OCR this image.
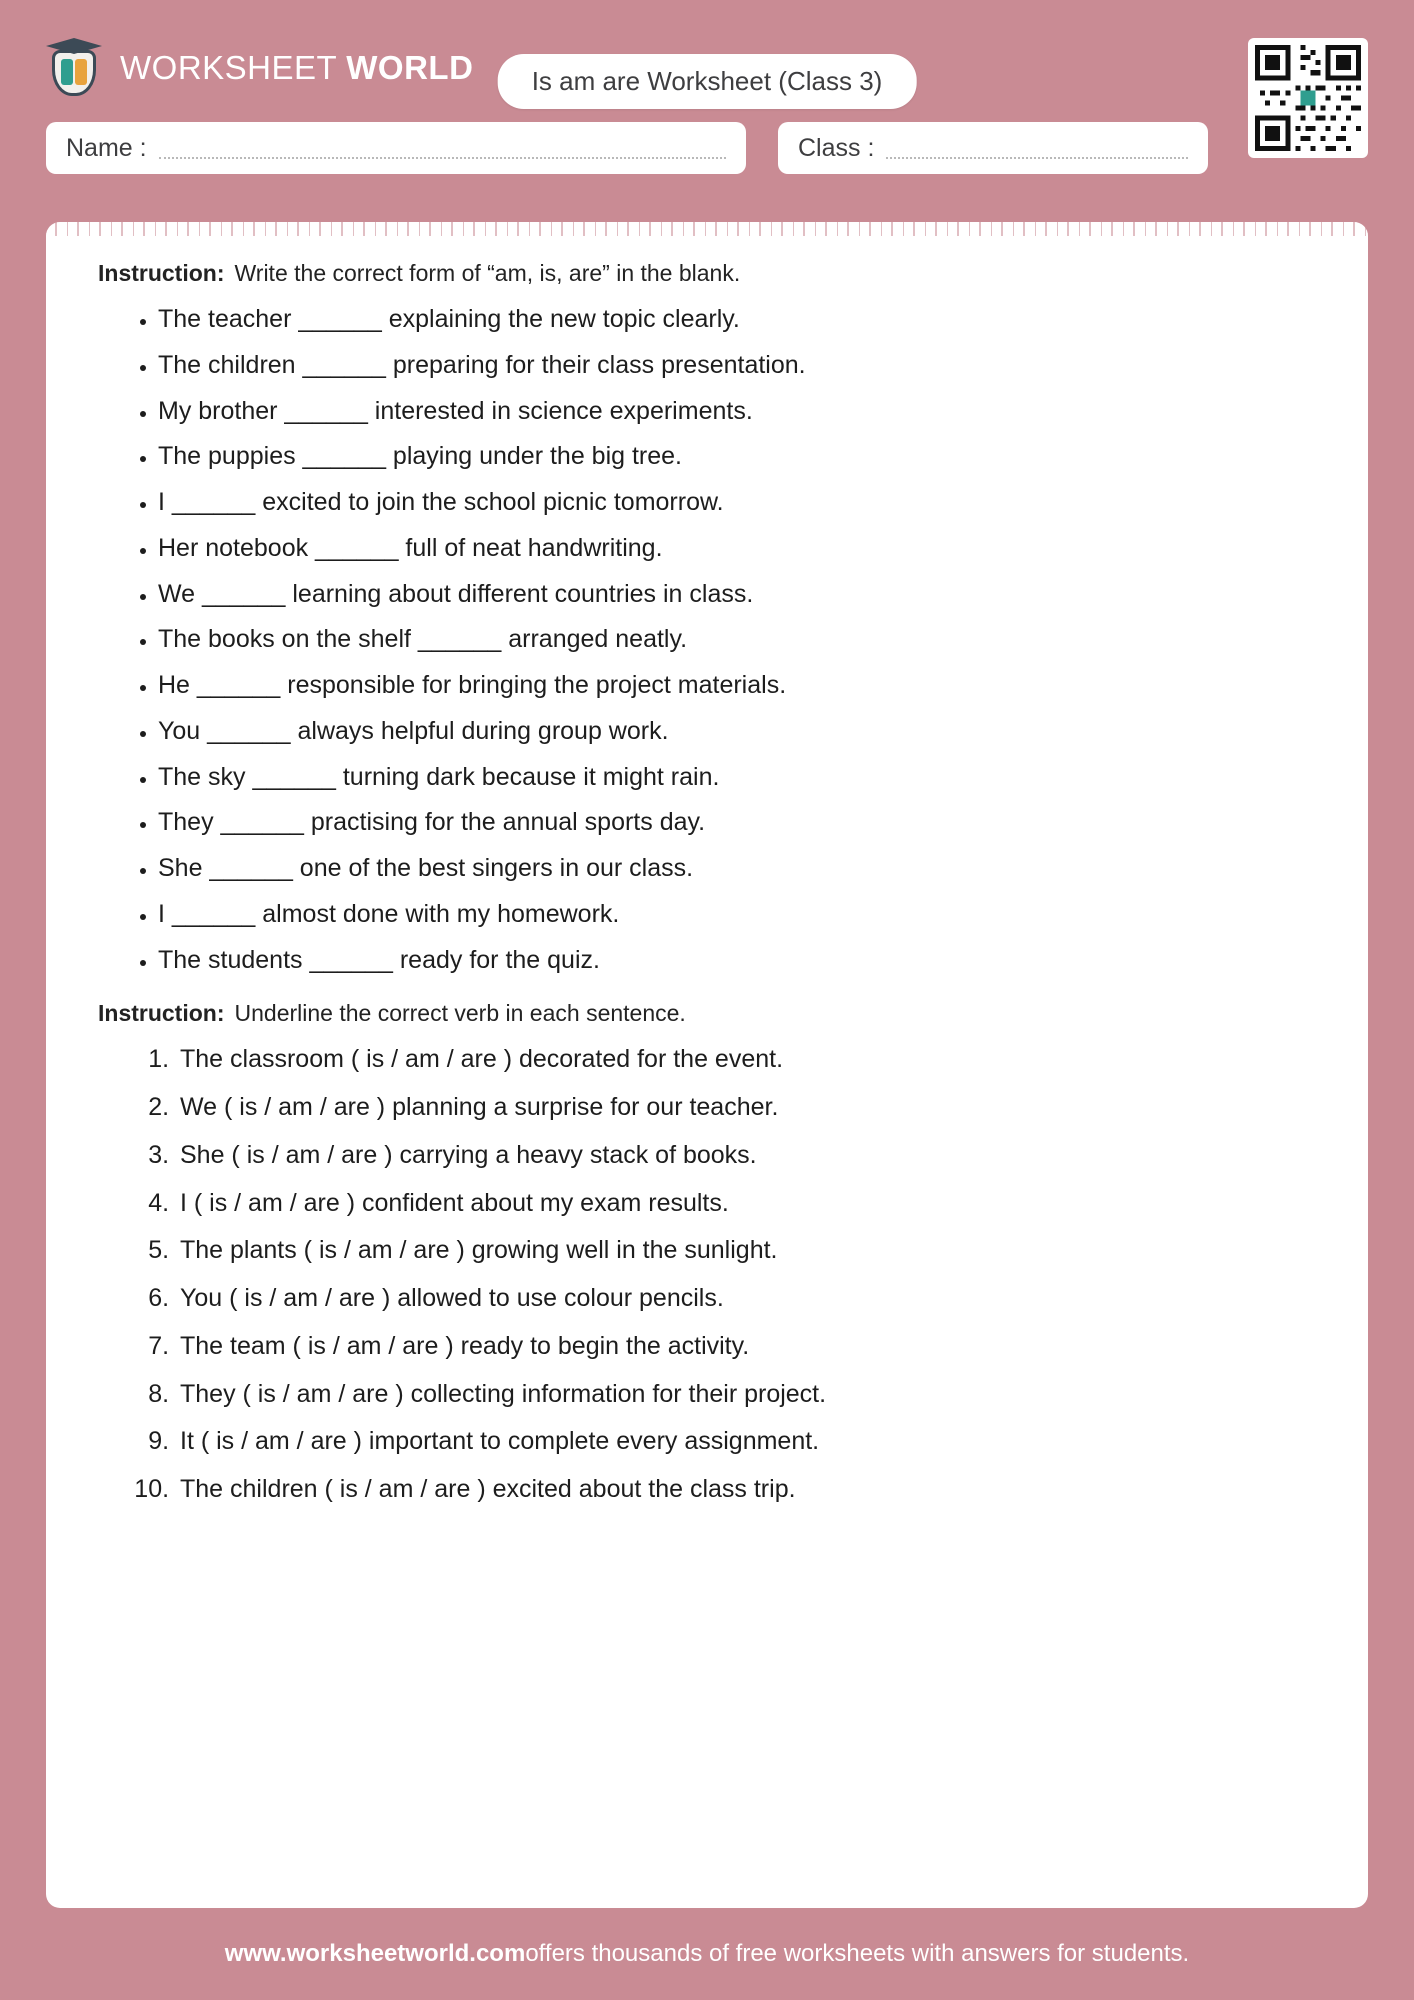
WORKSHEET WORLD	Is am are Worksheet (Class 3)
Name :	Class :
Instruction: Write the correct form of “am, is, are” in the blank.
• The teacher ______ explaining the new topic clearly.
• The children ______ preparing for their class presentation.
• My brother ______ interested in science experiments.
• The puppies ______ playing under the big tree.
• I ______ excited to join the school picnic tomorrow.
• Her notebook ______ full of neat handwriting.
• We ______ learning about different countries in class.
• The books on the shelf ______ arranged neatly.
• He ______ responsible for bringing the project materials.
• You ______ always helpful during group work.
• The sky ______ turning dark because it might rain.
• They ______ practising for the annual sports day.
• She ______ one of the best singers in our class.
• I ______ almost done with my homework.
• The students ______ ready for the quiz.
Instruction: Underline the correct verb in each sentence.
1. The classroom ( is / am / are ) decorated for the event.
2. We ( is / am / are ) planning a surprise for our teacher.
3. She ( is / am / are ) carrying a heavy stack of books.
4. I ( is / am / are ) confident about my exam results.
5. The plants ( is / am / are ) growing well in the sunlight.
6. You ( is / am / are ) allowed to use colour pencils.
7. The team ( is / am / are ) ready to begin the activity.
8. They ( is / am / are ) collecting information for their project.
9. It ( is / am / are ) important to complete every assignment.
10. The children ( is / am / are ) excited about the class trip.
www.worksheetworld.com offers thousands of free worksheets with answers for students.
